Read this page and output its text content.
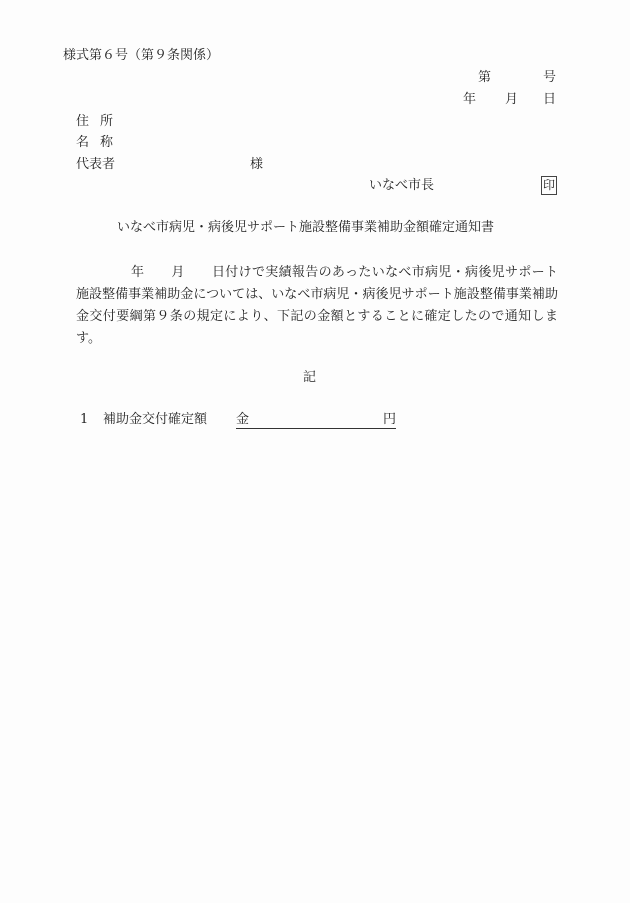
様式第６号（第９条関係）
第	号
年 月 日
住所
名称
代表者	様
いなべ市長	印
いなべ市病児・病後児サポート施設整備事業補助金額確定通知書
年 月 日付けで実績報告のあったいなべ市病児・病後児サポート施設整備事業補助金については、いなべ市病児・病後児サポート施設整備事業補助金交付要綱第９条の規定により、下記の金額とすることに確定したので通知します。
記
1 補助金交付確定額 金	円
